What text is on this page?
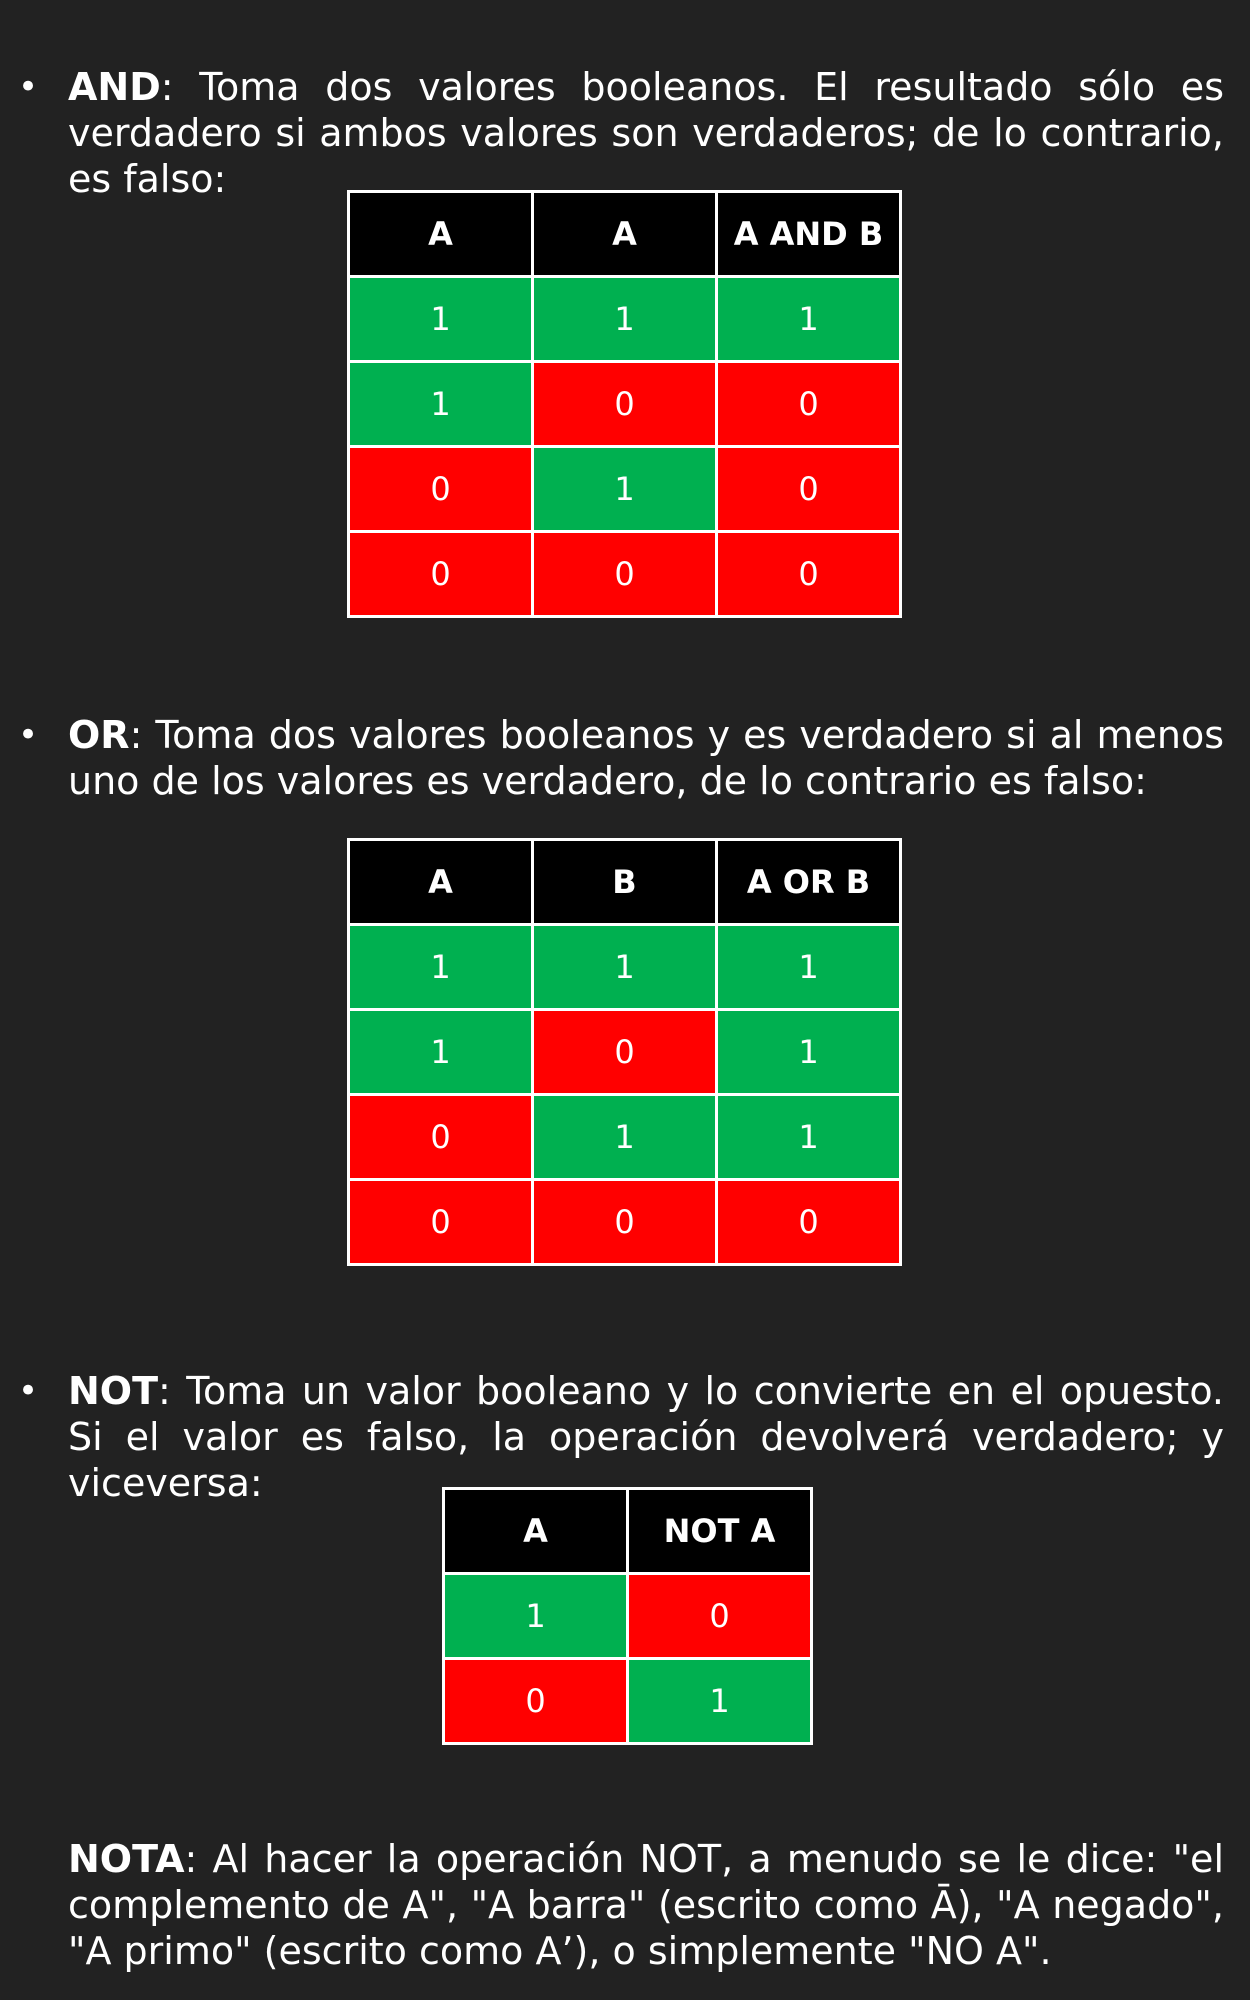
• AND: Toma dos valores booleanos. El resultado sólo es verdadero si ambos valores son verdaderos; de lo contrario, es falso:

A	A	A AND B
1	1	1
1	0	0
0	1	0
0	0	0
• OR: Toma dos valores booleanos y es verdadero si al menos uno de los valores es verdadero, de lo contrario es falso:

A	B	A OR B
1	1	1
1	0	1
0	1	1
0	0	0
• NOT: Toma un valor booleano y lo convierte en el opuesto. Si el valor es falso, la operación devolverá verdadero; y viceversa:

A	NOT A
1	0
0	1

NOTA: Al hacer la operación NOT, a menudo se le dice: "el complemento de A", "A barra" (escrito como Ā), "A negado", "A primo" (escrito como A’), o simplemente "NO A".
